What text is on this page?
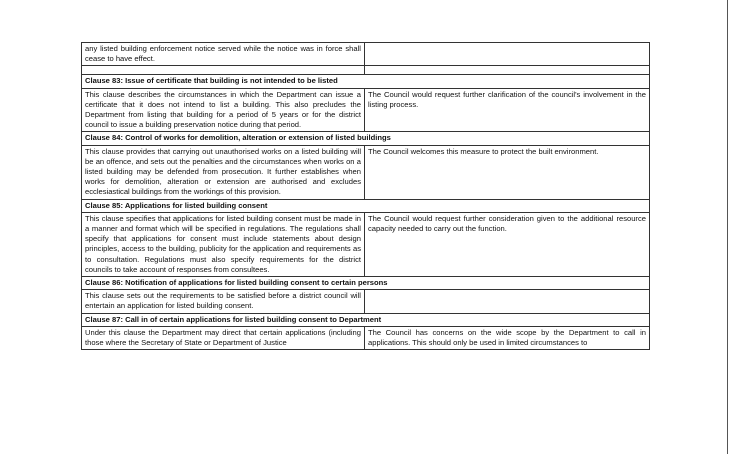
any listed building enforcement notice served while the notice was in force shall cease to have effect.	

Clause 83: Issue of certificate that building is not intended to be listed	
This clause describes the circumstances in which the Department can issue a certificate that it does not intend to list a building. This also precludes the Department from listing that building for a period of 5 years or for the district council to issue a building preservation notice during that period.	The Council would request further clarification of the council's involvement in the listing process.
Clause 84: Control of works for demolition, alteration or extension of listed buildings	
This clause provides that carrying out unauthorised works on a listed building will be an offence, and sets out the penalties and the circumstances when works on a listed building may be defended from prosecution. It further establishes when works for demolition, alteration or extension are authorised and excludes ecclesiastical buildings from the workings of this provision.	The Council welcomes this measure to protect the built environment.
Clause 85: Applications for listed building consent	
This clause specifies that applications for listed building consent must be made in a manner and format which will be specified in regulations. The regulations shall specify that applications for consent must include statements about design principles, access to the building, publicity for the application and requirements as to consultation. Regulations must also specify requirements for the district councils to take account of responses from consultees.	The Council would request further consideration given to the additional resource capacity needed to carry out the function.
Clause 86: Notification of applications for listed building consent to certain persons	
This clause sets out the requirements to be satisfied before a district council will entertain an application for listed building consent.	
Clause 87: Call in of certain applications for listed building consent to Department	
Under this clause the Department may direct that certain applications (including those where the Secretary of State or Department of Justice	The Council has concerns on the wide scope by the Department to call in applications. This should only be used in limited circumstances to
